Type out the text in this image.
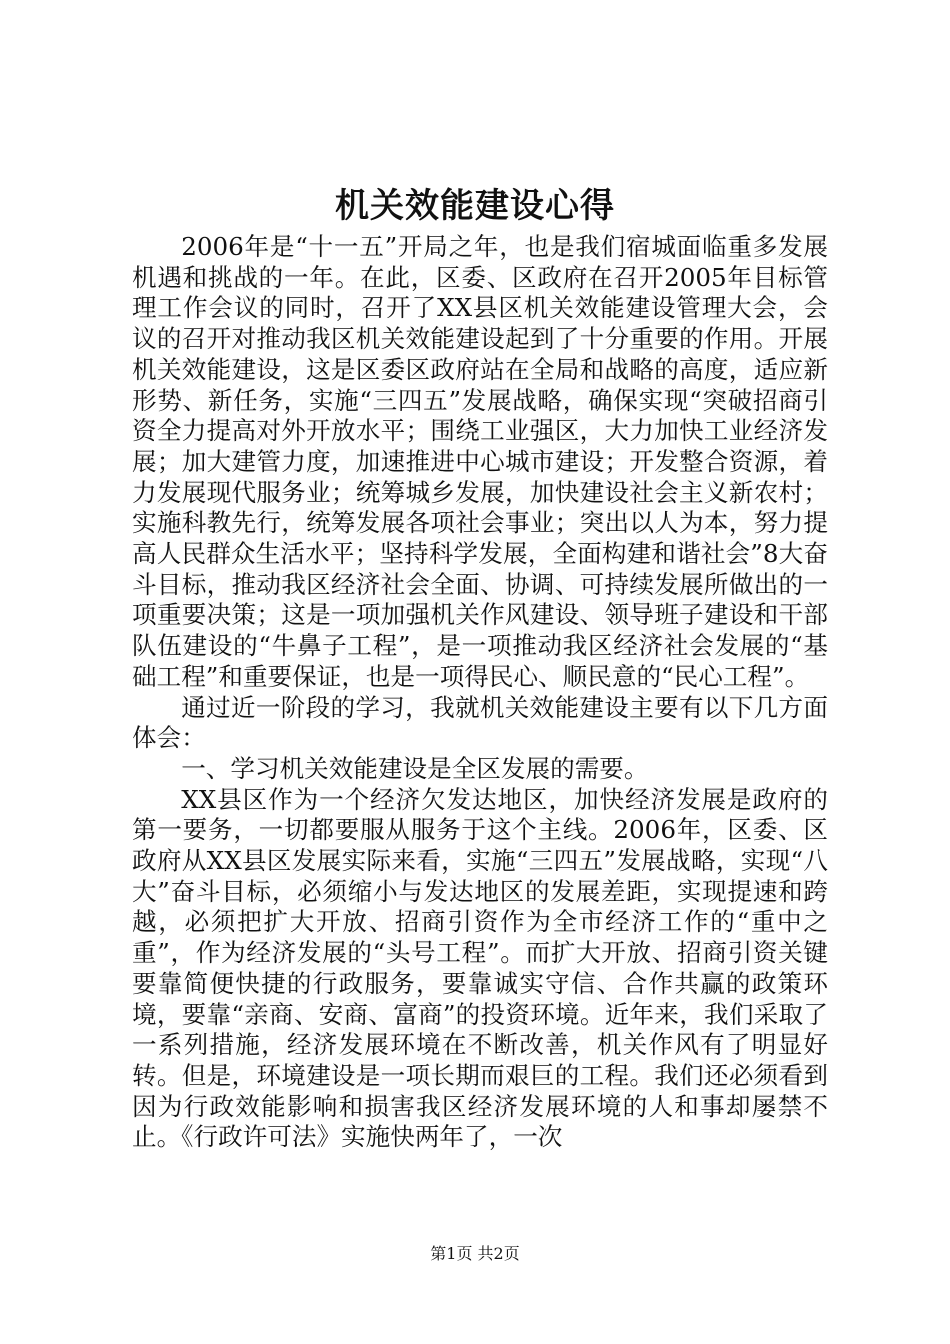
机关效能建设心得

2006年是“十一五”开局之年，也是我们宿城面临重多发展机遇和挑战的一年。在此，区委、区政府在召开2005年目标管理工作会议的同时，召开了XX县区机关效能建设管理大会，会议的召开对推动我区机关效能建设起到了十分重要的作用。开展机关效能建设，这是区委区政府站在全局和战略的高度，适应新形势、新任务，实施“三四五”发展战略，确保实现“突破招商引资全力提高对外开放水平；围绕工业强区，大力加快工业经济发展；加大建管力度，加速推进中心城市建设；开发整合资源，着力发展现代服务业；统筹城乡发展，加快建设社会主义新农村；实施科教先行，统筹发展各项社会事业；突出以人为本，努力提高人民群众生活水平；坚持科学发展，全面构建和谐社会”8大奋斗目标，推动我区经济社会全面、协调、可持续发展所做出的一项重要决策；这是一项加强机关作风建设、领导班子建设和干部队伍建设的“牛鼻子工程”，是一项推动我区经济社会发展的“基础工程”和重要保证，也是一项得民心、顺民意的“民心工程”。

通过近一阶段的学习，我就机关效能建设主要有以下几方面体会：

一、学习机关效能建设是全区发展的需要。

XX县区作为一个经济欠发达地区，加快经济发展是政府的第一要务，一切都要服从服务于这个主线。2006年，区委、区政府从XX县区发展实际来看，实施“三四五”发展战略，实现“八大”奋斗目标，必须缩小与发达地区的发展差距，实现提速和跨越，必须把扩大开放、招商引资作为全市经济工作的“重中之重”，作为经济发展的“头号工程”。而扩大开放、招商引资关键要靠简便快捷的行政服务，要靠诚实守信、合作共赢的政策环境，要靠“亲商、安商、富商”的投资环境。近年来，我们采取了一系列措施，经济发展环境在不断改善，机关作风有了明显好转。但是，环境建设是一项长期而艰巨的工程。我们还必须看到因为行政效能影响和损害我区经济发展环境的人和事却屡禁不止。《行政许可法》实施快两年了，一次

第1页 共2页
